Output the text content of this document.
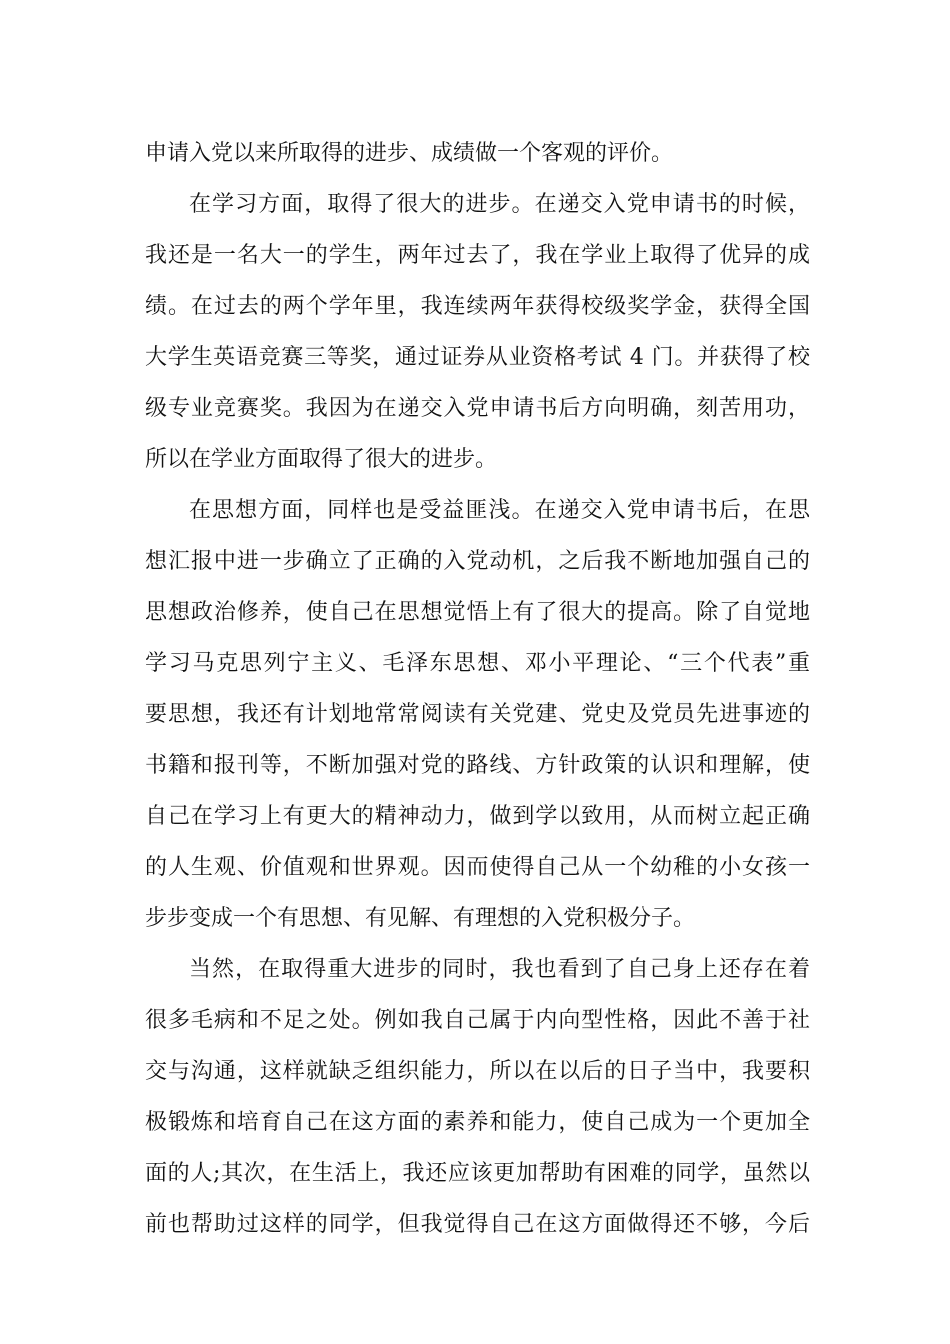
申请入党以来所取得的进步、成绩做一个客观的评价。
在学习方面，取得了很大的进步。在递交入党申请书的时候，
我还是一名大一的学生，两年过去了，我在学业上取得了优异的成
绩。在过去的两个学年里，我连续两年获得校级奖学金，获得全国
大学生英语竞赛三等奖，通过证券从业资格考试 4 门。并获得了校
级专业竞赛奖。我因为在递交入党申请书后方向明确，刻苦用功，
所以在学业方面取得了很大的进步。
在思想方面，同样也是受益匪浅。在递交入党申请书后，在思
想汇报中进一步确立了正确的入党动机，之后我不断地加强自己的
思想政治修养，使自己在思想觉悟上有了很大的提高。除了自觉地
学习马克思列宁主义、毛泽东思想、邓小平理论、“三个代表”重
要思想，我还有计划地常常阅读有关党建、党史及党员先进事迹的
书籍和报刊等，不断加强对党的路线、方针政策的认识和理解，使
自己在学习上有更大的精神动力，做到学以致用，从而树立起正确
的人生观、价值观和世界观。因而使得自己从一个幼稚的小女孩一
步步变成一个有思想、有见解、有理想的入党积极分子。
当然，在取得重大进步的同时，我也看到了自己身上还存在着
很多毛病和不足之处。例如我自己属于内向型性格，因此不善于社
交与沟通，这样就缺乏组织能力，所以在以后的日子当中，我要积
极锻炼和培育自己在这方面的素养和能力，使自己成为一个更加全
面的人;其次，在生活上，我还应该更加帮助有困难的同学，虽然以
前也帮助过这样的同学，但我觉得自己在这方面做得还不够，今后
